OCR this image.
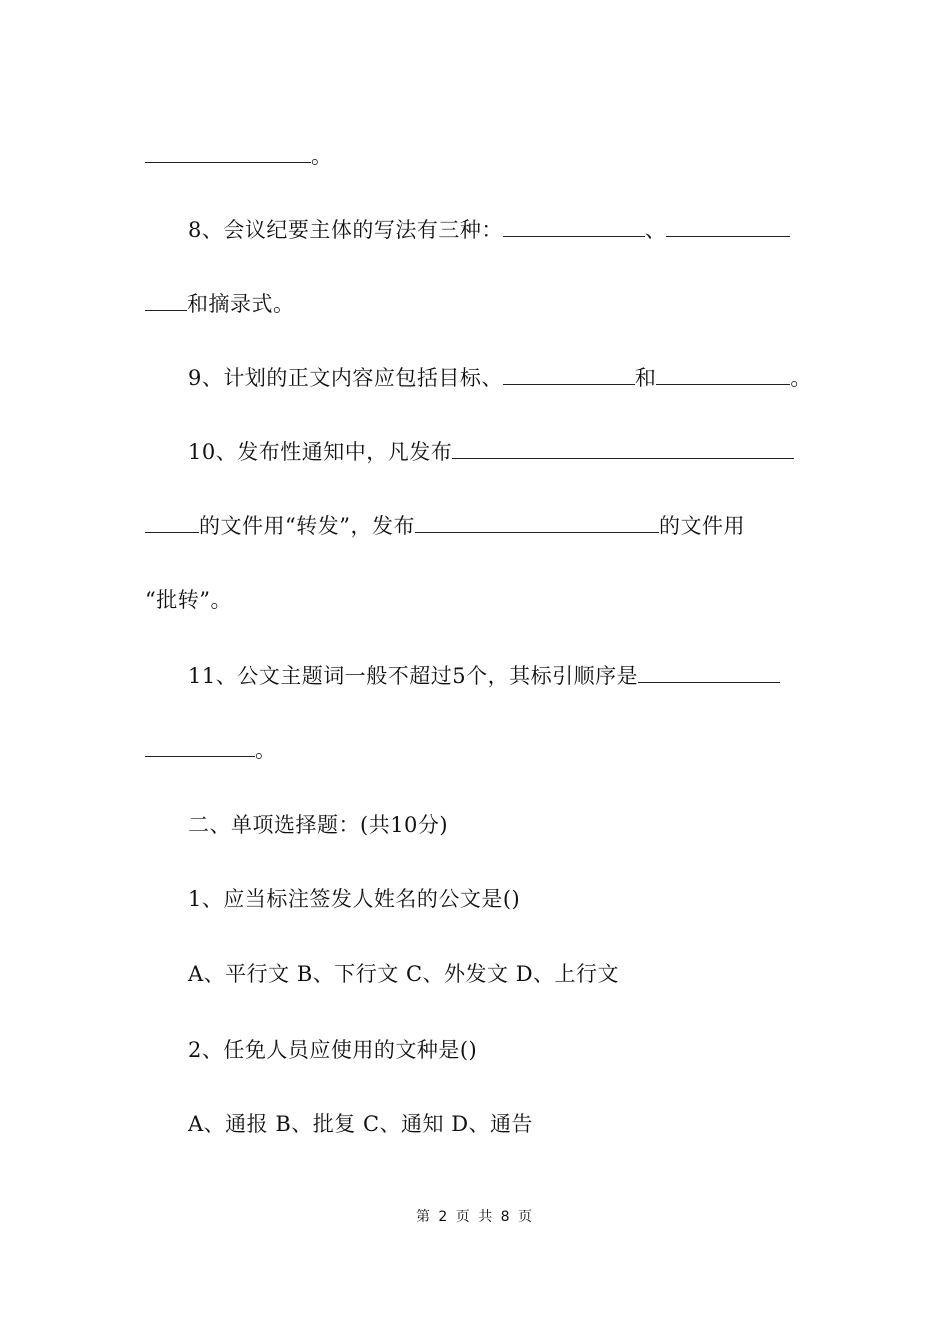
。
8、会议纪要主体的写法有三种：	、
和摘录式。
9、计划的正文内容应包括目标、	和	。
10、发布性通知中，凡发布
的文件用“转发”，发布	的文件用
“批转”。
11、公文主题词一般不超过5个，其标引顺序是
。
二、单项选择题：(共10分)
1、应当标注签发人姓名的公文是()
A、平行文 B、下行文 C、外发文 D、上行文
2、任免人员应使用的文种是()
A、通报 B、批复 C、通知 D、通告
第 2 页 共 8 页
